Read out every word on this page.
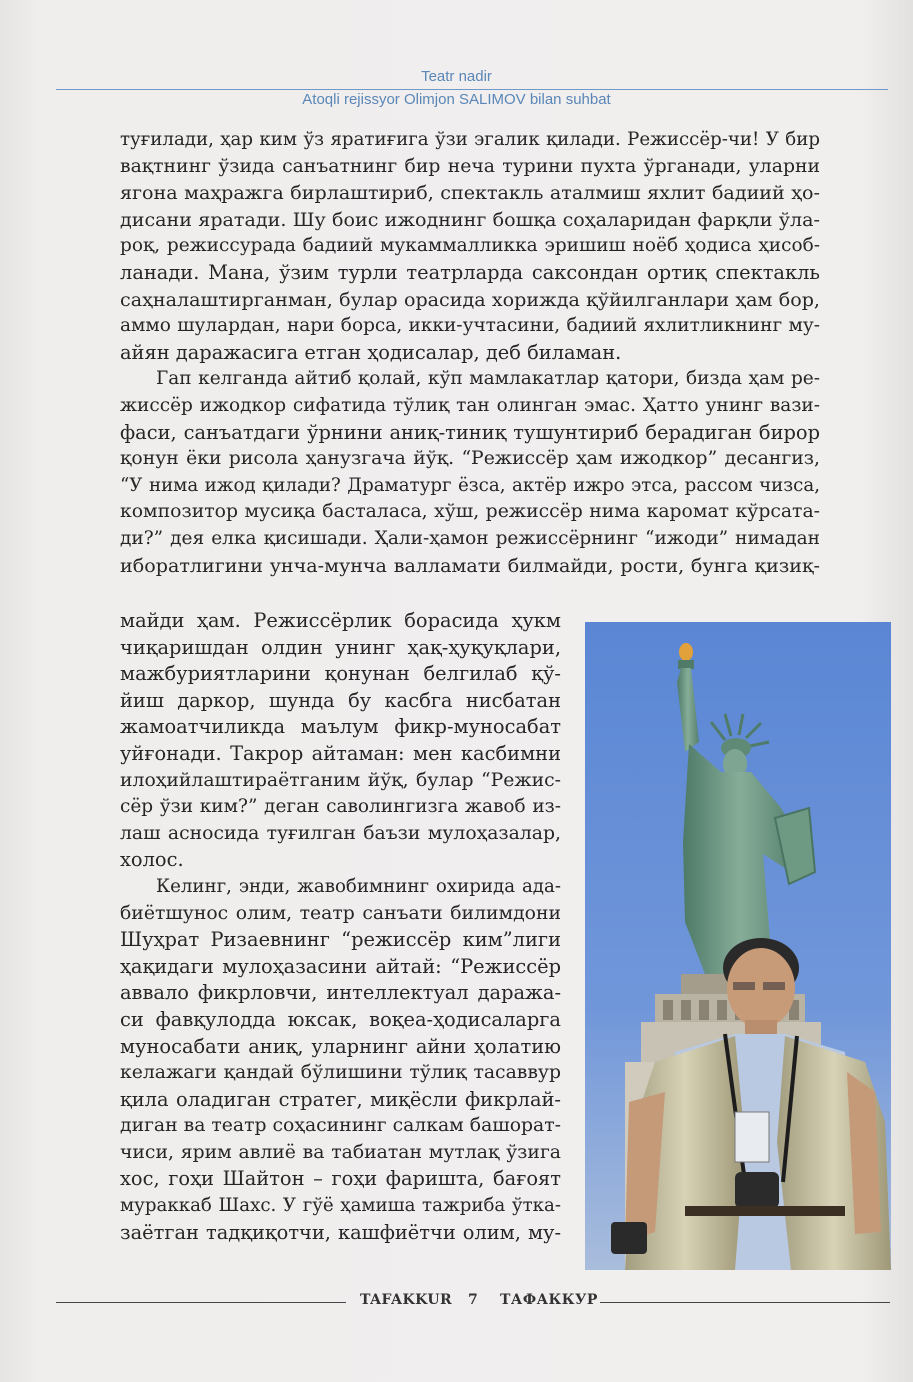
Teatr nadir
Atoqli rejissyor Olimjon SALIMOV bilan suhbat
туғилади, ҳар ким ўз яратиғига ўзи эгалик қилади. Режиссёр-чи! У бир
вақтнинг ўзида санъатнинг бир неча турини пухта ўрганади, уларни
ягона маҳражга бирлаштириб, спектакль аталмиш яхлит бадиий ҳо-
дисани яратади. Шу боис ижоднинг бошқа соҳаларидан фарқли ўла-
роқ, режиссурада бадиий мукаммалликка эришиш ноёб ҳодиса ҳисоб-
ланади. Мана, ўзим турли театрларда саксондан ортиқ спектакль
саҳналаштирганман, булар орасида хорижда қўйилганлари ҳам бор,
аммо шулардан, нари борса, икки-учтасини, бадиий яхлитликнинг му-
айян даражасига етган ҳодисалар, деб биламан.
Гап келганда айтиб қолай, кўп мамлакатлар қатори, бизда ҳам ре-
жиссёр ижодкор сифатида тўлиқ тан олинган эмас. Ҳатто унинг вази-
фаси, санъатдаги ўрнини аниқ-тиниқ тушунтириб берадиган бирор
қонун ёки рисола ҳанузгача йўқ. “Режиссёр ҳам ижодкор” десангиз,
“У нима ижод қилади? Драматург ёзса, актёр ижро этса, рассом чизса,
композитор мусиқа басталаса, хўш, режиссёр нима каромат кўрсата-
ди?” дея елка қисишади. Ҳали-ҳамон режиссёрнинг “ижоди” нимадан
иборатлигини унча-мунча валламати билмайди, рости, бунга қизиқ-
майди ҳам. Режиссёрлик борасида ҳукм
чиқаришдан олдин унинг ҳақ-ҳуқуқлари,
мажбуриятларини қонунан белгилаб қў-
йиш даркор, шунда бу касбга нисбатан
жамоатчиликда маълум фикр-муносабат
уйғонади. Такрор айтаман: мен касбимни
илоҳийлаштираётганим йўқ, булар “Режис-
сёр ўзи ким?” деган саволингизга жавоб из-
лаш асносида туғилган баъзи мулоҳазалар,
холос.
Келинг, энди, жавобимнинг охирида ада-
биётшунос олим, театр санъати билимдони
Шуҳрат Ризаевнинг “режиссёр ким”лиги
ҳақидаги мулоҳазасини айтай: “Режиссёр
аввало фикрловчи, интеллектуал даража-
си фавқулодда юксак, воқеа-ҳодисаларга
муносабати аниқ, уларнинг айни ҳолатию
келажаги қандай бўлишини тўлиқ тасаввур
қила оладиган стратег, миқёсли фикрлай-
диган ва театр соҳасининг салкам башорат-
чиси, ярим авлиё ва табиатан мутлақ ўзига
хос, гоҳи Шайтон – гоҳи фаришта, бағоят
мураккаб Шахс. У гўё ҳамиша тажриба ўтка-
заётган тадқиқотчи, кашфиётчи олим, му-
TAFAKKUR 7 ТАФАККУР
